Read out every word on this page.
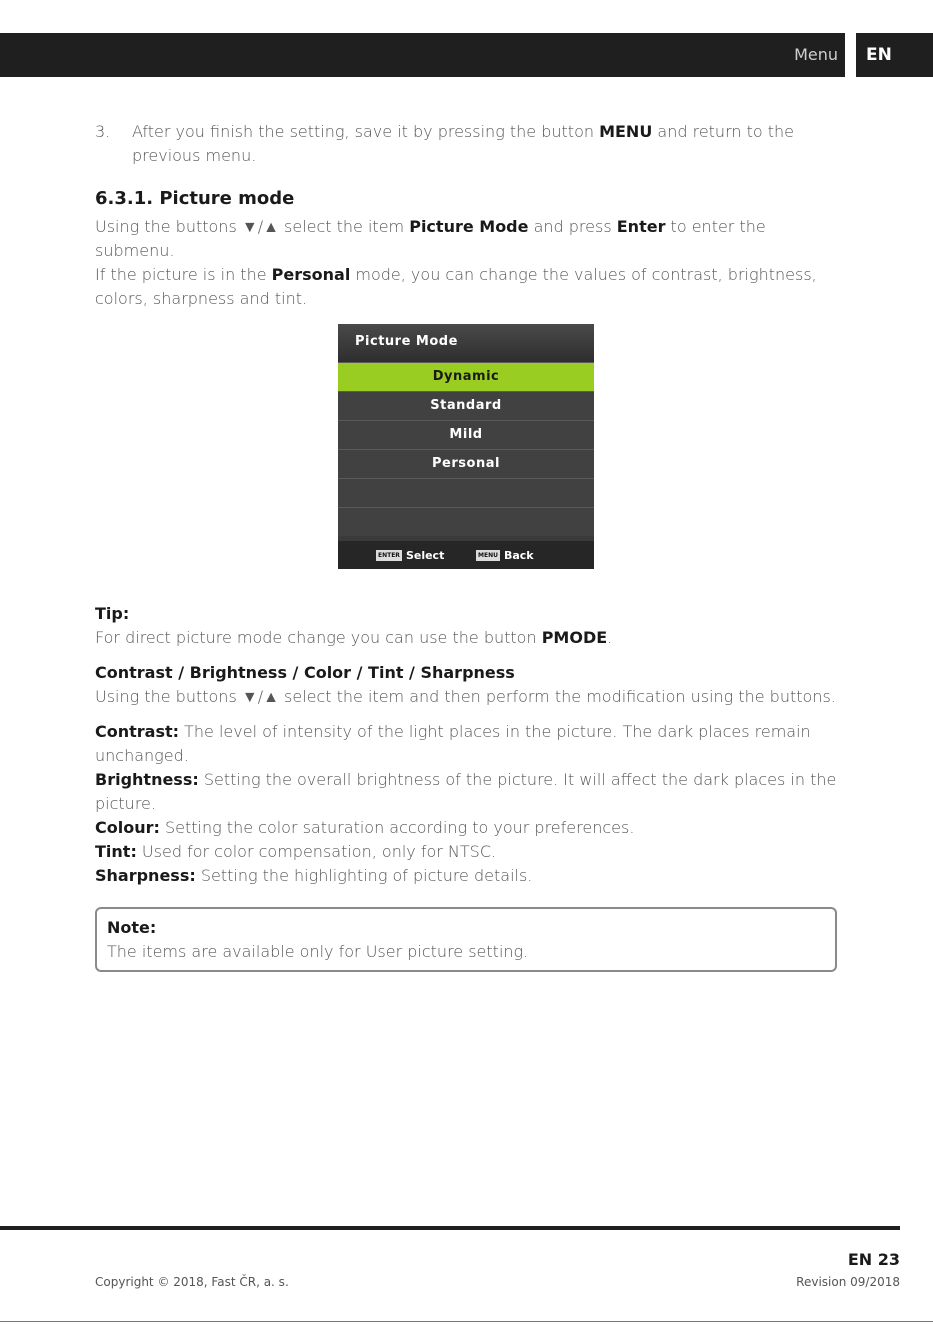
Menu	EN

3. After you finish the setting, save it by pressing the button MENU and return to the previous menu.

6.3.1. Picture mode

Using the buttons ▼/▲ select the item Picture Mode and press Enter to enter the submenu.

If the picture is in the Personal mode, you can change the values of contrast, brightness, colors, sharpness and tint.

Picture Mode
Dynamic
Standard
Mild
Personal
ENTER Select	MENU Back
Tip:

For direct picture mode change you can use the button PMODE.

Contrast / Brightness / Color / Tint / Sharpness

Using the buttons ▼/▲ select the item and then perform the modification using the buttons.

Contrast: The level of intensity of the light places in the picture. The dark places remain unchanged.

Brightness: Setting the overall brightness of the picture. It will affect the dark places in the picture.

Colour: Setting the color saturation according to your preferences.

Tint: Used for color compensation, only for NTSC.

Sharpness: Setting the highlighting of picture details.

Note:

The items are available only for User picture setting.

EN 23
Copyright © 2018, Fast ČR, a. s.	Revision 09/2018
